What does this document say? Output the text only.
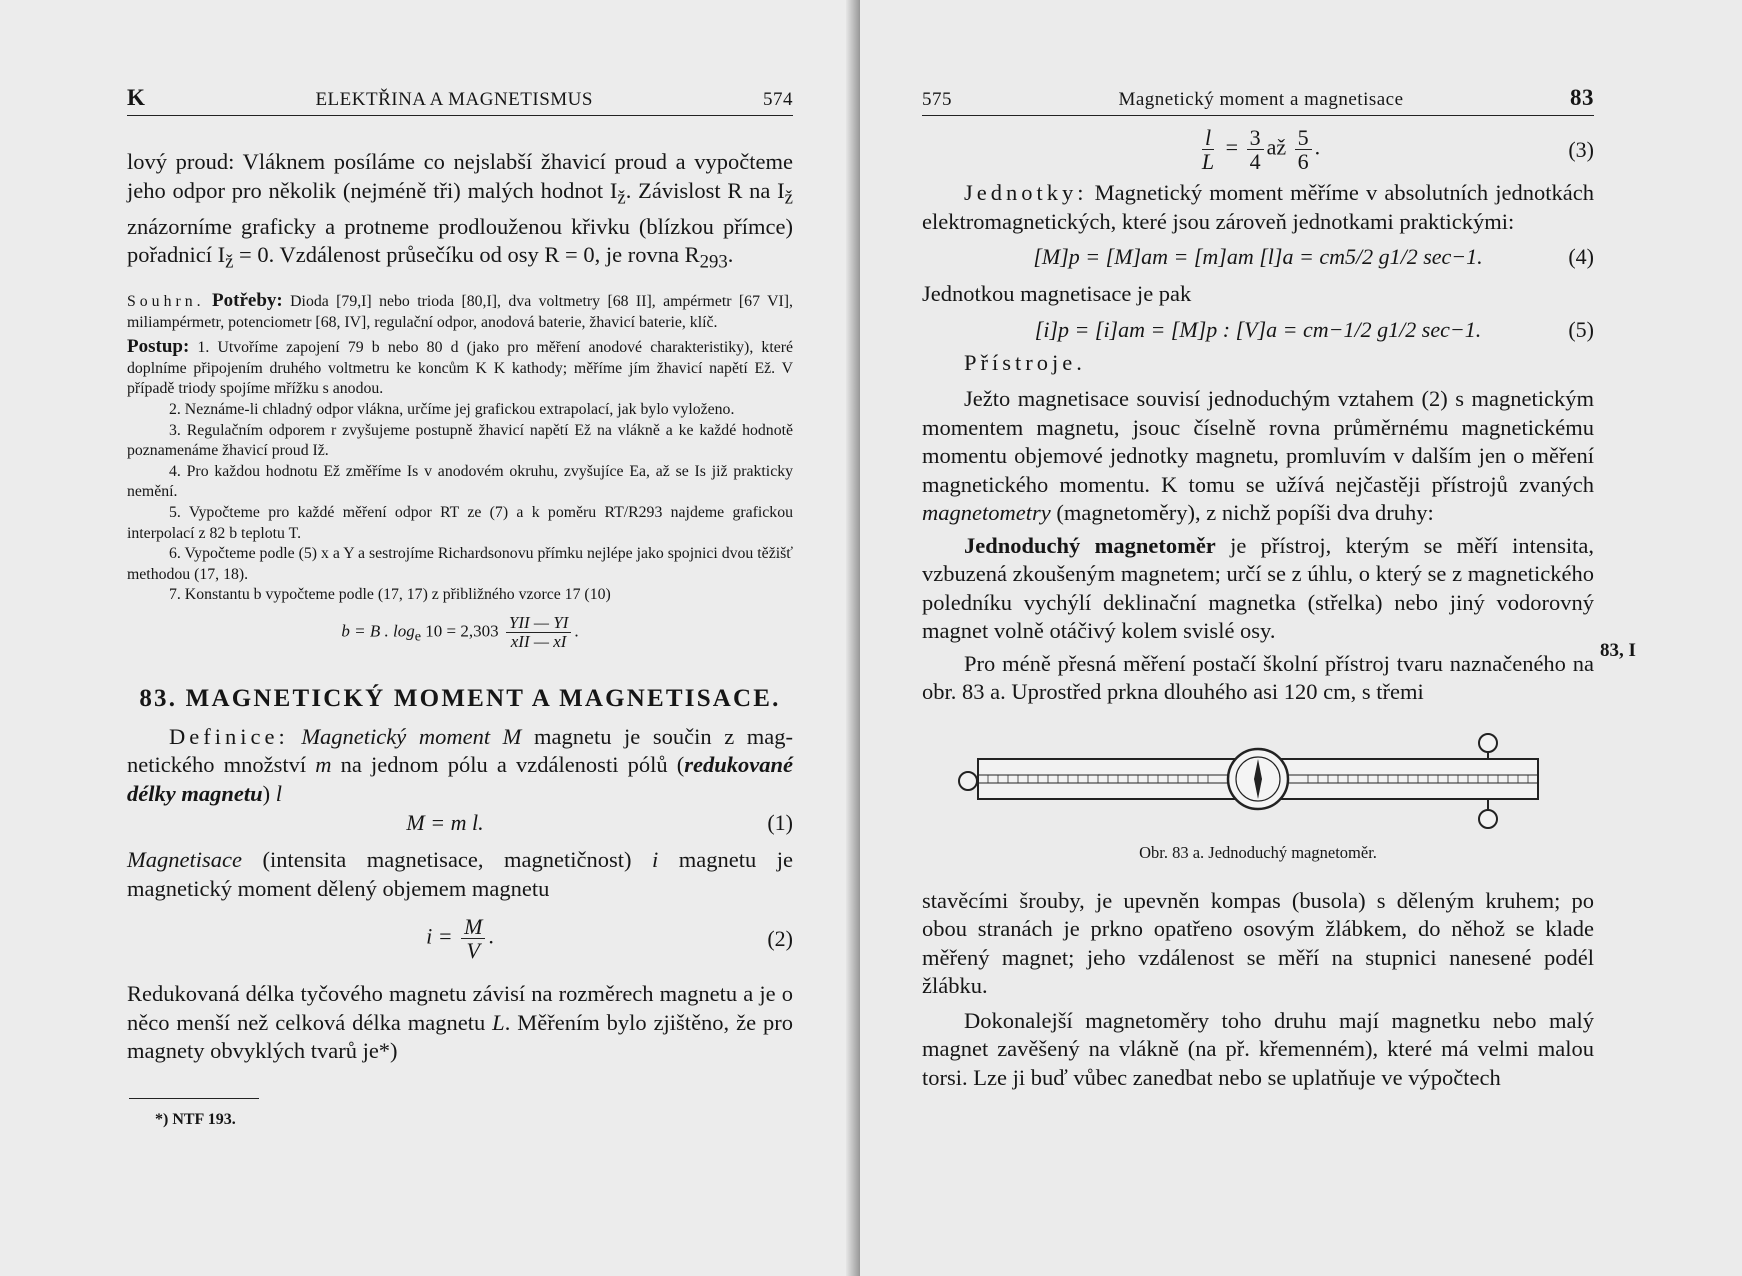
K	ELEKTŘINA A MAGNETISMUS	574

lový proud: Vláknem posíláme co nejslabší žhavicí proud a vypočteme jeho odpor pro několik (nejméně tři) malých hodnot $I_ž$. Závislost R na $I_ž$ znázorníme graficky a protneme prodlouženou křivku (blízkou přímce) pořadnicí $I_ž = 0$. Vzdálenost průsečíku od osy R = 0, je rovna $R_{293}$.

Souhrn. Potřeby: Dioda [79,I] nebo trioda [80,I], dva voltmetry [68 II], ampérmetr [67 VI], miliampérmetr, potenciometr [68, IV], regulační odpor, anodová baterie, žhavicí baterie, klíč.

Postup: 1. Utvoříme zapojení 79 b nebo 80 d (jako pro měření anodové charakteristiky), které doplníme připojením druhého voltmetru ke koncům K K kathody; měříme jím žhavicí napětí Ež. V případě triody spojíme mřížku s anodou.

2. Neznáme-li chladný odpor vlákna, určíme jej grafickou extrapolací, jak bylo vyloženo.

3. Regulačním odporem r zvyšujeme postupně žhavicí napětí Ež na vlákně a ke každé hodnotě poznamenáme žhavicí proud Iž.

4. Pro každou hodnotu Ež změříme Is v anodovém okruhu, zvyšujíce Ea, až se Is již prakticky nemění.

5. Vypočteme pro každé měření odpor RT ze (7) a k poměru RT/R293 najdeme grafickou interpolací z 82 b teplotu T.

6. Vypočteme podle (5) x a Y a sestrojíme Richardsonovu přímku nejlépe jako spojnici dvou těžišť methodou (17, 18).

7. Konstantu b vypočteme podle (17, 17) z přibližného vzorce 17 (10)

b = B . $\log_e 10 = 2,303 \frac{\text{YII — YI}}{\text{xII — xI}}$ .
83. MAGNETICKÝ MOMENT A MAGNETISACE.

Definice: Magnetický moment M magnetu je součin z magnetického množství m na jednom pólu a vzdálenosti pólů (redukované délky magnetu) l

M = m l.	(1)

Magnetisace (intensita magnetisace, magnetičnost) i magnetu je magnetický moment dělený objemem magnetu

$i = \frac{M}{V}$ .	(2)

Redukovaná délka tyčového magnetu závisí na rozměrech magnetu a je o něco menší než celková délka magnetu L. Měřením bylo zjištěno, že pro magnety obvyklých tvarů je*)

*) NTF 193.
575	Magnetický moment a magnetisace	83
$\frac{l}{L} = \frac{3}{4}$ až $\frac{5}{6}$ .	(3)

Jednotky: Magnetický moment měříme v absolutních jednotkách elektromagnetických, které jsou zároveň jednotkami praktickými:

[M]p = [M]am = [m]am [l]a = cm5/2 g1/2 sec−1.	(4)

Jednotkou magnetisace je pak

[i]p = [i]am = [M]p : [V]a = cm−1/2 g1/2 sec−1.	(5)

Přístroje.

Ježto magnetisace souvisí jednoduchým vztahem (2) s magnetickým momentem magnetu, jsouc číselně rovna průměrnému magnetickému momentu objemové jednotky magnetu, promluvím v dalším jen o měření magnetického momentu. K tomu se užívá nejčastěji přístrojů zvaných magnetometry (magnetoměry), z nichž popíši dva druhy:

Jednoduchý magnetoměr je přístroj, kterým se měří intensita, vzbuzená zkoušeným magnetem; určí se z úhlu, o který se z magnetického poledníku vychýlí deklinační magnetka (střelka) nebo jiný vodorovný magnet volně otáčivý kolem svislé osy.

Pro méně přesná měření postačí školní přístroj tvaru naznačeného na obr. 83 a. Uprostřed prkna dlouhého asi 120 cm, s třemi

Obr. 83 a. Jednoduchý magnetoměr.

stavěcími šrouby, je upevněn kompas (busola) s děleným kruhem; po obou stranách je prkno opatřeno osovým žlábkem, do něhož se klade měřený magnet; jeho vzdálenost se měří na stupnici nanesené podél žlábku.

Dokonalejší magnetoměry toho druhu mají magnetku nebo malý magnet zavěšený na vlákně (na př. křemenném), které má velmi malou torsi. Lze ji buď vůbec zanedbat nebo se uplatňuje ve výpočtech

83, I
